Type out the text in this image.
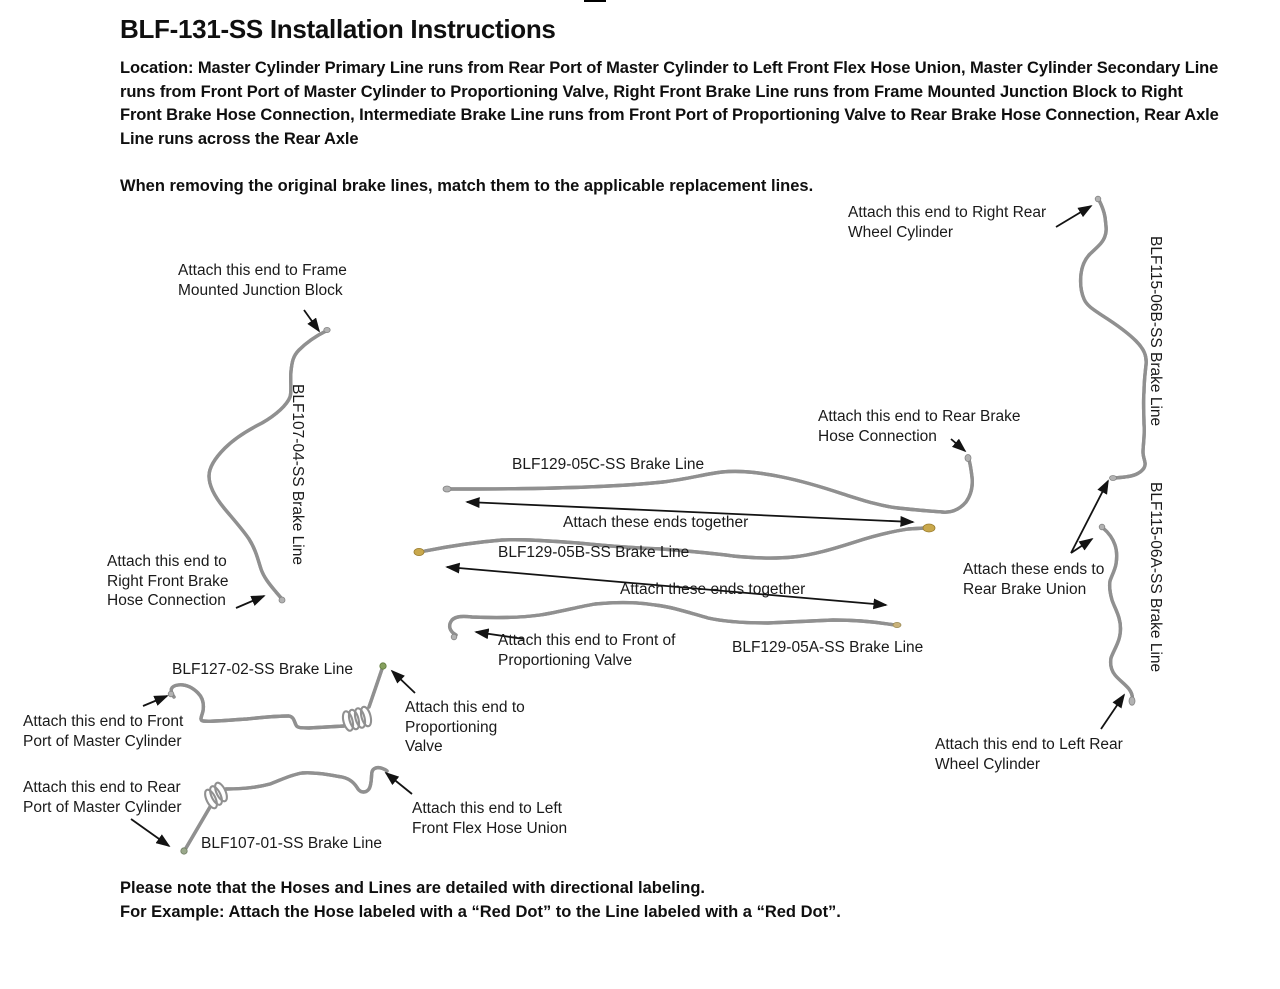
BLF-131-SS Installation Instructions

Location: Master Cylinder Primary Line runs from Rear Port of Master Cylinder to Left Front Flex Hose Union, Master Cylinder Secondary Line runs from Front Port of Master Cylinder to Proportioning Valve, Right Front Brake Line runs from Frame Mounted Junction Block to Right Front Brake Hose Connection, Intermediate Brake Line runs from Front Port of Proportioning Valve to Rear Brake Hose Connection, Rear Axle Line runs across the Rear Axle

When removing the original brake lines, match them to the applicable replacement lines.

Attach this end to Right Rear Wheel Cylinder
Attach this end to Frame Mounted Junction Block
Attach this end to Rear Brake Hose Connection
Attach these ends together
Attach these ends together
Attach these ends to Rear Brake Union
Attach this end to Right Front Brake Hose Connection
Attach this end to Front of Proportioning Valve
Attach this end to Front Port of Master Cylinder
Attach this end to Proportioning Valve	Attach this end to Left Rear Wheel Cylinder
Attach this end to Rear Port of Master Cylinder	Attach this end to Left Front Flex Hose Union
BLF129-05C-SS Brake Line
BLF129-05B-SS Brake Line
BLF129-05A-SS Brake Line
BLF127-02-SS Brake Line
BLF107-01-SS Brake Line
BLF107-04-SS Brake Line
BLF115-06B-SS Brake Line
BLF115-06A-SS Brake Line

Please note that the Hoses and Lines are detailed with directional labeling.

For Example: Attach the Hose labeled with a “Red Dot” to the Line labeled with a “Red Dot”.
